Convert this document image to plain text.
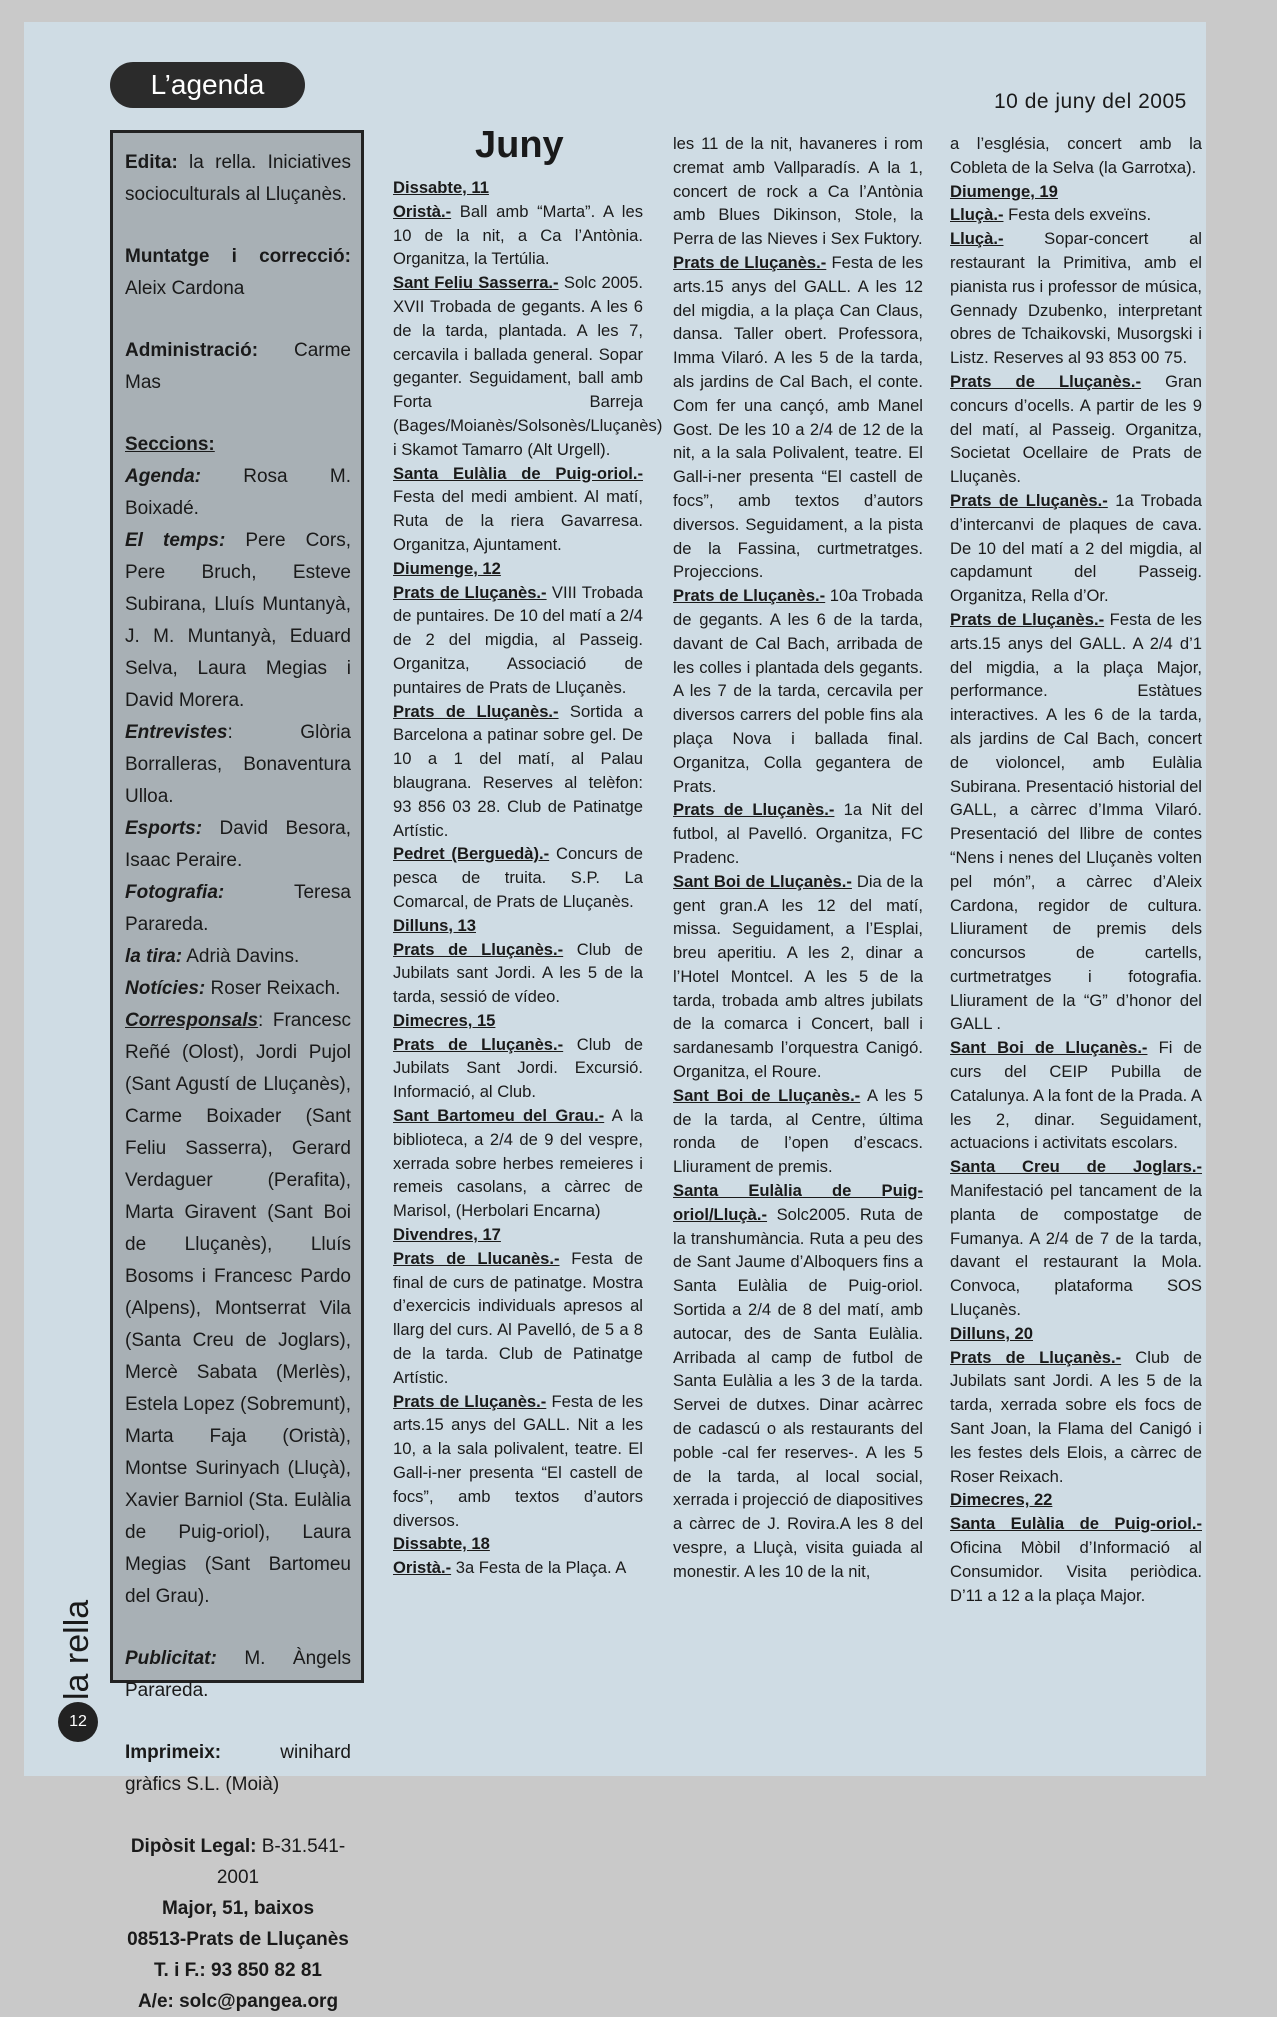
L’agenda
10 de juny del 2005

Edita: la rella. Iniciatives socioculturals al Lluçanès.

Muntatge i correcció: Aleix Cardona

Administració: Carme Mas

Seccions:
Agenda: Rosa M. Boixadé.
El temps: Pere Cors, Pere Bruch, Esteve Subirana, Lluís Muntanyà, J. M. Muntanyà, Eduard Selva, Laura Megias i David Morera.
Entrevistes: Glòria Borralleras, Bonaventura Ulloa.
Esports: David Besora, Isaac Peraire.
Fotografia: Teresa Parareda.
la tira: Adrià Davins.
Notícies: Roser Reixach.
Corresponsals: Francesc Reñé (Olost), Jordi Pujol (Sant Agustí de Lluçanès), Carme Boixader (Sant Feliu Sasserra), Gerard Verdaguer (Perafita), Marta Giravent (Sant Boi de Lluçanès), Lluís Bosoms i Francesc Pardo (Alpens), Montserrat Vila (Santa Creu de Joglars), Mercè Sabata (Merlès), Estela Lopez (Sobremunt), Marta Faja (Oristà), Montse Surinyach (Lluçà), Xavier Barniol (Sta. Eulàlia de Puig-oriol), Laura Megias (Sant Bartomeu del Grau).

Publicitat: M. Àngels Parareda.

Imprimeix: winihard gràfics S.L. (Moià)

Dipòsit Legal: B-31.541-2001
Major, 51, baixos
08513-Prats de Lluçanès
T. i F.: 93 850 82 81
A/e: solc@pangea.org
la rella
12
Juny
Dissabte, 11

Oristà.- Ball amb “Marta”. A les 10 de la nit, a Ca l’Antònia. Organitza, la Tertúlia.

Sant Feliu Sasserra.- Solc 2005. XVII Trobada de gegants. A les 6 de la tarda, plantada. A les 7, cercavila i ballada general. Sopar geganter. Seguidament, ball amb Forta Barreja (Bages/Moianès/Solsonès/Lluçanès) i Skamot Tamarro (Alt Urgell).

Santa Eulàlia de Puig-oriol.- Festa del medi ambient. Al matí, Ruta de la riera Gavarresa. Organitza, Ajuntament.

Diumenge, 12

Prats de Lluçanès.- VIII Trobada de puntaires. De 10 del matí a 2/4 de 2 del migdia, al Passeig. Organitza, Associació de puntaires de Prats de Lluçanès.

Prats de Lluçanès.- Sortida a Barcelona a patinar sobre gel. De 10 a 1 del matí, al Palau blaugrana. Reserves al telèfon: 93 856 03 28. Club de Patinatge Artístic.

Pedret (Berguedà).- Concurs de pesca de truita. S.P. La Comarcal, de Prats de Lluçanès.

Dilluns, 13

Prats de Lluçanès.- Club de Jubilats sant Jordi. A les 5 de la tarda, sessió de vídeo.

Dimecres, 15

Prats de Lluçanès.- Club de Jubilats Sant Jordi. Excursió. Informació, al Club.

Sant Bartomeu del Grau.- A la biblioteca, a 2/4 de 9 del vespre, xerrada sobre herbes remeieres i remeis casolans, a càrrec de Marisol, (Herbolari Encarna)

Divendres, 17

Prats de Llucanès.- Festa de final de curs de patinatge. Mostra d’exercicis individuals apresos al llarg del curs. Al Pavelló, de 5 a 8 de la tarda. Club de Patinatge Artístic.

Prats de Lluçanès.- Festa de les arts.15 anys del GALL. Nit a les 10, a la sala polivalent, teatre. El Gall-i-ner presenta “El castell de focs”, amb textos d’autors diversos.

Dissabte, 18

Oristà.- 3a Festa de la Plaça. A

les 11 de la nit, havaneres i rom cremat amb Vallparadís. A la 1, concert de rock a Ca l’Antònia amb Blues Dikinson, Stole, la Perra de las Nieves i Sex Fuktory.

Prats de Lluçanès.- Festa de les arts.15 anys del GALL. A les 12 del migdia, a la plaça Can Claus, dansa. Taller obert. Professora, Imma Vilaró. A les 5 de la tarda, als jardins de Cal Bach, el conte. Com fer una cançó, amb Manel Gost. De les 10 a 2/4 de 12 de la nit, a la sala Polivalent, teatre. El Gall-i-ner presenta “El castell de focs”, amb textos d’autors diversos. Seguidament, a la pista de la Fassina, curtmetratges. Projeccions.

Prats de Lluçanès.- 10a Trobada de gegants. A les 6 de la tarda, davant de Cal Bach, arribada de les colles i plantada dels gegants. A les 7 de la tarda, cercavila per diversos carrers del poble fins ala plaça Nova i ballada final. Organitza, Colla gegantera de Prats.

Prats de Lluçanès.- 1a Nit del futbol, al Pavelló. Organitza, FC Pradenc.

Sant Boi de Lluçanès.- Dia de la gent gran.A les 12 del matí, missa. Seguidament, a l’Esplai, breu aperitiu. A les 2, dinar a l’Hotel Montcel. A les 5 de la tarda, trobada amb altres jubilats de la comarca i Concert, ball i sardanesamb l’orquestra Canigó. Organitza, el Roure.

Sant Boi de Lluçanès.- A les 5 de la tarda, al Centre, última ronda de l’open d’escacs. Lliurament de premis.

Santa Eulàlia de Puig-oriol/Lluçà.- Solc2005. Ruta de la transhumància. Ruta a peu des de Sant Jaume d’Alboquers fins a Santa Eulàlia de Puig-oriol. Sortida a 2/4 de 8 del matí, amb autocar, des de Santa Eulàlia. Arribada al camp de futbol de Santa Eulàlia a les 3 de la tarda. Servei de dutxes. Dinar acàrrec de cadascú o als restaurants del poble -cal fer reserves-. A les 5 de la tarda, al local social, xerrada i projecció de diapositives a càrrec de J. Rovira.A les 8 del vespre, a Lluçà, visita guiada al monestir. A les 10 de la nit,

a l’església, concert amb la Cobleta de la Selva (la Garrotxa).

Diumenge, 19

Lluçà.- Festa dels exveïns.

Lluçà.- Sopar-concert al restaurant la Primitiva, amb el pianista rus i professor de música, Gennady Dzubenko, interpretant obres de Tchaikovski, Musorgski i Listz. Reserves al 93 853 00 75.

Prats de Lluçanès.- Gran concurs d’ocells. A partir de les 9 del matí, al Passeig. Organitza, Societat Ocellaire de Prats de Lluçanès.

Prats de Lluçanès.- 1a Trobada d’intercanvi de plaques de cava. De 10 del matí a 2 del migdia, al capdamunt del Passeig. Organitza, Rella d’Or.

Prats de Lluçanès.- Festa de les arts.15 anys del GALL. A 2/4 d’1 del migdia, a la plaça Major, performance. Estàtues interactives. A les 6 de la tarda, als jardins de Cal Bach, concert de violoncel, amb Eulàlia Subirana. Presentació historial del GALL, a càrrec d’Imma Vilaró. Presentació del llibre de contes “Nens i nenes del Lluçanès volten pel món”, a càrrec d’Aleix Cardona, regidor de cultura. Lliurament de premis dels concursos de cartells, curtmetratges i fotografia. Lliurament de la “G” d’honor del GALL .

Sant Boi de Lluçanès.- Fi de curs del CEIP Pubilla de Catalunya. A la font de la Prada. A les 2, dinar. Seguidament, actuacions i activitats escolars.

Santa Creu de Joglars.- Manifestació pel tancament de la planta de compostatge de Fumanya. A 2/4 de 7 de la tarda, davant el restaurant la Mola. Convoca, plataforma SOS Lluçanès.

Dilluns, 20

Prats de Lluçanès.- Club de Jubilats sant Jordi. A les 5 de la tarda, xerrada sobre els focs de Sant Joan, la Flama del Canigó i les festes dels Elois, a càrrec de Roser Reixach.

Dimecres, 22

Santa Eulàlia de Puig-oriol.- Oficina Mòbil d’Informació al Consumidor. Visita periòdica. D’11 a 12 a la plaça Major.
